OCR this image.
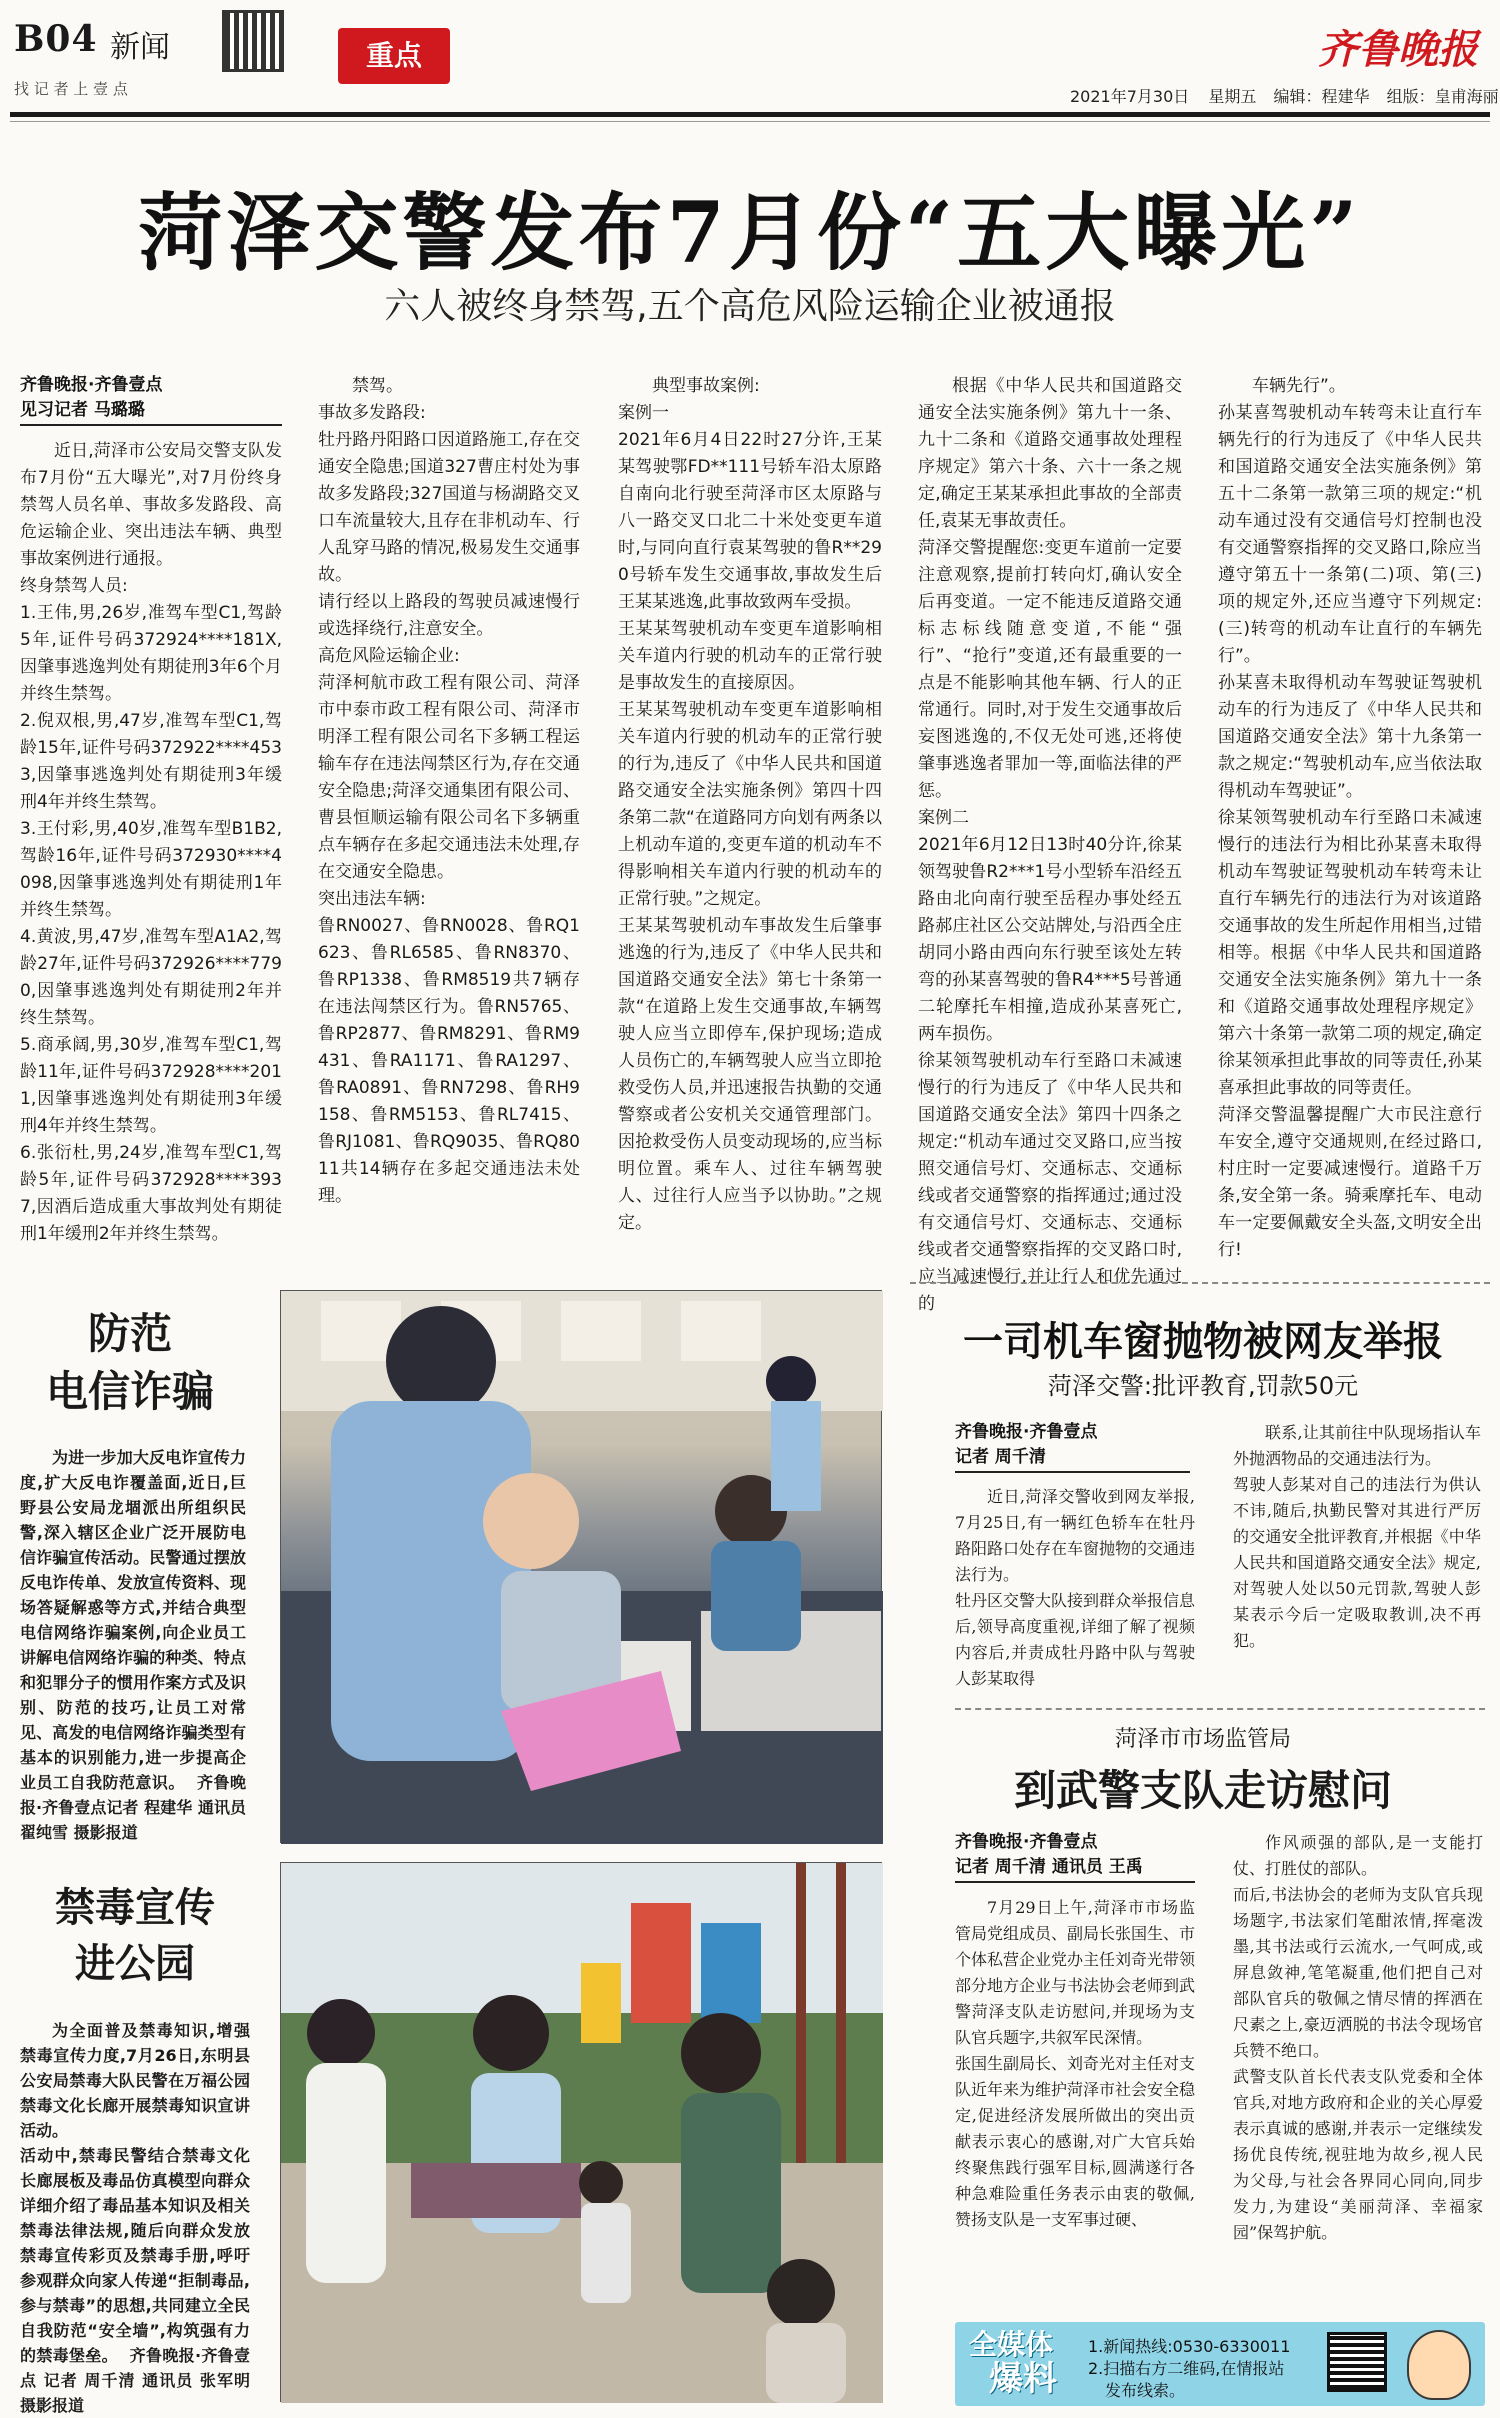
B04 新闻
找 记 者 上 壹 点
重点	齐鲁晚报
2021年7月30日 星期五 编辑：程建华 组版：皇甫海丽
菏泽交警发布7月份“五大曝光”
六人被终身禁驾,五个高危风险运输企业被通报
齐鲁晚报·齐鲁壹点
见习记者 马璐璐
近日,菏泽市公安局交警支队发布7月份“五大曝光”,对7月份终身禁驾人员名单、事故多发路段、高危运输企业、突出违法车辆、典型事故案例进行通报。
终身禁驾人员:
1.王伟,男,26岁,准驾车型C1,驾龄5年,证件号码372924****181X,因肇事逃逸判处有期徒刑3年6个月并终生禁驾。
2.倪双根,男,47岁,准驾车型C1,驾龄15年,证件号码372922****4533,因肇事逃逸判处有期徒刑3年缓刑4年并终生禁驾。
3.王付彩,男,40岁,准驾车型B1B2,驾龄16年,证件号码372930****4098,因肇事逃逸判处有期徒刑1年并终生禁驾。
4.黄波,男,47岁,准驾车型A1A2,驾龄27年,证件号码372926****7790,因肇事逃逸判处有期徒刑2年并终生禁驾。
5.商承阔,男,30岁,准驾车型C1,驾龄11年,证件号码372928****2011,因肇事逃逸判处有期徒刑3年缓刑4年并终生禁驾。
6.张衍杜,男,24岁,准驾车型C1,驾龄5年,证件号码372928****3937,因酒后造成重大事故判处有期徒刑1年缓刑2年并终生禁驾。
禁驾。
事故多发路段:
牡丹路丹阳路口因道路施工,存在交通安全隐患;国道327曹庄村处为事故多发路段;327国道与杨湖路交叉口车流量较大,且存在非机动车、行人乱穿马路的情况,极易发生交通事故。
请行经以上路段的驾驶员减速慢行或选择绕行,注意安全。
高危风险运输企业:
菏泽柯航市政工程有限公司、菏泽市中泰市政工程有限公司、菏泽市明泽工程有限公司名下多辆工程运输车存在违法闯禁区行为,存在交通安全隐患;菏泽交通集团有限公司、曹县恒顺运输有限公司名下多辆重点车辆存在多起交通违法未处理,存在交通安全隐患。
突出违法车辆:
鲁RN0027、鲁RN0028、鲁RQ1623、鲁RL6585、鲁RN8370、鲁RP1338、鲁RM8519共7辆存在违法闯禁区行为。鲁RN5765、鲁RP2877、鲁RM8291、鲁RM9431、鲁RA1171、鲁RA1297、鲁RA0891、鲁RN7298、鲁RH9158、鲁RM5153、鲁RL7415、鲁RJ1081、鲁RQ9035、鲁RQ8011共14辆存在多起交通违法未处理。
典型事故案例:
案例一
2021年6月4日22时27分许,王某某驾驶鄂FD**111号轿车沿太原路自南向北行驶至菏泽市区太原路与八一路交叉口北二十米处变更车道时,与同向直行袁某驾驶的鲁R**290号轿车发生交通事故,事故发生后王某某逃逸,此事故致两车受损。
王某某驾驶机动车变更车道影响相关车道内行驶的机动车的正常行驶是事故发生的直接原因。
王某某驾驶机动车变更车道影响相关车道内行驶的机动车的正常行驶的行为,违反了《中华人民共和国道路交通安全法实施条例》第四十四条第二款“在道路同方向划有两条以上机动车道的,变更车道的机动车不得影响相关车道内行驶的机动车的正常行驶。”之规定。
王某某驾驶机动车事故发生后肇事逃逸的行为,违反了《中华人民共和国道路交通安全法》第七十条第一款“在道路上发生交通事故,车辆驾驶人应当立即停车,保护现场;造成人员伤亡的,车辆驾驶人应当立即抢救受伤人员,并迅速报告执勤的交通警察或者公安机关交通管理部门。因抢救受伤人员变动现场的,应当标明位置。乘车人、过往车辆驾驶人、过往行人应当予以协助。”之规定。
根据《中华人民共和国道路交通安全法实施条例》第九十一条、九十二条和《道路交通事故处理程序规定》第六十条、六十一条之规定,确定王某某承担此事故的全部责任,袁某无事故责任。
菏泽交警提醒您:变更车道前一定要注意观察,提前打转向灯,确认安全后再变道。一定不能违反道路交通标志标线随意变道,不能“强行”、“抢行”变道,还有最重要的一点是不能影响其他车辆、行人的正常通行。同时,对于发生交通事故后妄图逃逸的,不仅无处可逃,还将使肇事逃逸者罪加一等,面临法律的严惩。
案例二
2021年6月12日13时40分许,徐某领驾驶鲁R2***1号小型轿车沿经五路由北向南行驶至岳程办事处经五路郝庄社区公交站牌处,与沿西全庄胡同小路由西向东行驶至该处左转弯的孙某喜驾驶的鲁R4***5号普通二轮摩托车相撞,造成孙某喜死亡,两车损伤。
徐某领驾驶机动车行至路口未减速慢行的行为违反了《中华人民共和国道路交通安全法》第四十四条之规定:“机动车通过交叉路口,应当按照交通信号灯、交通标志、交通标线或者交通警察的指挥通过;通过没有交通信号灯、交通标志、交通标线或者交通警察指挥的交叉路口时,应当减速慢行,并让行人和优先通过的
车辆先行”。
孙某喜驾驶机动车转弯未让直行车辆先行的行为违反了《中华人民共和国道路交通安全法实施条例》第五十二条第一款第三项的规定:“机动车通过没有交通信号灯控制也没有交通警察指挥的交叉路口,除应当遵守第五十一条第(二)项、第(三)项的规定外,还应当遵守下列规定:(三)转弯的机动车让直行的车辆先行”。
孙某喜未取得机动车驾驶证驾驶机动车的行为违反了《中华人民共和国道路交通安全法》第十九条第一款之规定:“驾驶机动车,应当依法取得机动车驾驶证”。
徐某领驾驶机动车行至路口未减速慢行的违法行为相比孙某喜未取得机动车驾驶证驾驶机动车转弯未让直行车辆先行的违法行为对该道路交通事故的发生所起作用相当,过错相等。根据《中华人民共和国道路交通安全法实施条例》第九十一条和《道路交通事故处理程序规定》第六十条第一款第二项的规定,确定徐某领承担此事故的同等责任,孙某喜承担此事故的同等责任。
菏泽交警温馨提醒广大市民注意行车安全,遵守交通规则,在经过路口,村庄时一定要减速慢行。道路千万条,安全第一条。骑乘摩托车、电动车一定要佩戴安全头盔,文明安全出行!
防范
电信诈骗
为进一步加大反电诈宣传力度,扩大反电诈覆盖面,近日,巨野县公安局龙堌派出所组织民警,深入辖区企业广泛开展防电信诈骗宣传活动。民警通过摆放反电诈传单、发放宣传资料、现场答疑解惑等方式,并结合典型电信网络诈骗案例,向企业员工讲解电信网络诈骗的种类、特点和犯罪分子的惯用作案方式及识别、防范的技巧,让员工对常见、高发的电信网络诈骗类型有基本的识别能力,进一步提高企业员工自我防范意识。  齐鲁晚报·齐鲁壹点记者 程建华 通讯员 翟纯雪 摄影报道
禁毒宣传
进公园
为全面普及禁毒知识,增强禁毒宣传力度,7月26日,东明县公安局禁毒大队民警在万福公园禁毒文化长廊开展禁毒知识宣讲活动。
活动中,禁毒民警结合禁毒文化长廊展板及毒品仿真模型向群众详细介绍了毒品基本知识及相关禁毒法律法规,随后向群众发放禁毒宣传彩页及禁毒手册,呼吁参观群众向家人传递“拒制毒品,参与禁毒”的思想,共同建立全民自我防范“安全墙”,构筑强有力的禁毒堡垒。  齐鲁晚报·齐鲁壹点 记者 周千清 通讯员 张军明 摄影报道
一司机车窗抛物被网友举报
菏泽交警:批评教育,罚款50元
齐鲁晚报·齐鲁壹点
记者 周千清
近日,菏泽交警收到网友举报,7月25日,有一辆红色轿车在牡丹路阳路口处存在车窗抛物的交通违法行为。
牡丹区交警大队接到群众举报信息后,领导高度重视,详细了解了视频内容后,并责成牡丹路中队与驾驶人彭某取得
联系,让其前往中队现场指认车外抛洒物品的交通违法行为。
驾驶人彭某对自己的违法行为供认不讳,随后,执勤民警对其进行严厉的交通安全批评教育,并根据《中华人民共和国道路交通安全法》规定,对驾驶人处以50元罚款,驾驶人彭某表示今后一定吸取教训,决不再犯。
菏泽市市场监管局
到武警支队走访慰问
齐鲁晚报·齐鲁壹点
记者 周千清 通讯员 王禹
7月29日上午,菏泽市市场监管局党组成员、副局长张国生、市个体私营企业党办主任刘奇光带领部分地方企业与书法协会老师到武警菏泽支队走访慰问,并现场为支队官兵题字,共叙军民深情。
张国生副局长、刘奇光对主任对支队近年来为维护菏泽市社会安全稳定,促进经济发展所做出的突出贡献表示衷心的感谢,对广大官兵始终聚焦践行强军目标,圆满遂行各种急难险重任务表示由衷的敬佩,赞扬支队是一支军事过硬、
作风顽强的部队,是一支能打仗、打胜仗的部队。
而后,书法协会的老师为支队官兵现场题字,书法家们笔酣浓情,挥毫泼墨,其书法或行云流水,一气呵成,或屏息敛神,笔笔凝重,他们把自己对部队官兵的敬佩之情尽情的挥洒在尺素之上,豪迈洒脱的书法令现场官兵赞不绝口。
武警支队首长代表支队党委和全体官兵,对地方政府和企业的关心厚爱表示真诚的感谢,并表示一定继续发扬优良传统,视驻地为故乡,视人民为父母,与社会各界同心同向,同步发力,为建设“美丽菏泽、幸福家园”保驾护航。
全媒体
爆料
1.新闻热线:0530-6330011
2.扫描右方二维码,在情报站
发布线索。
